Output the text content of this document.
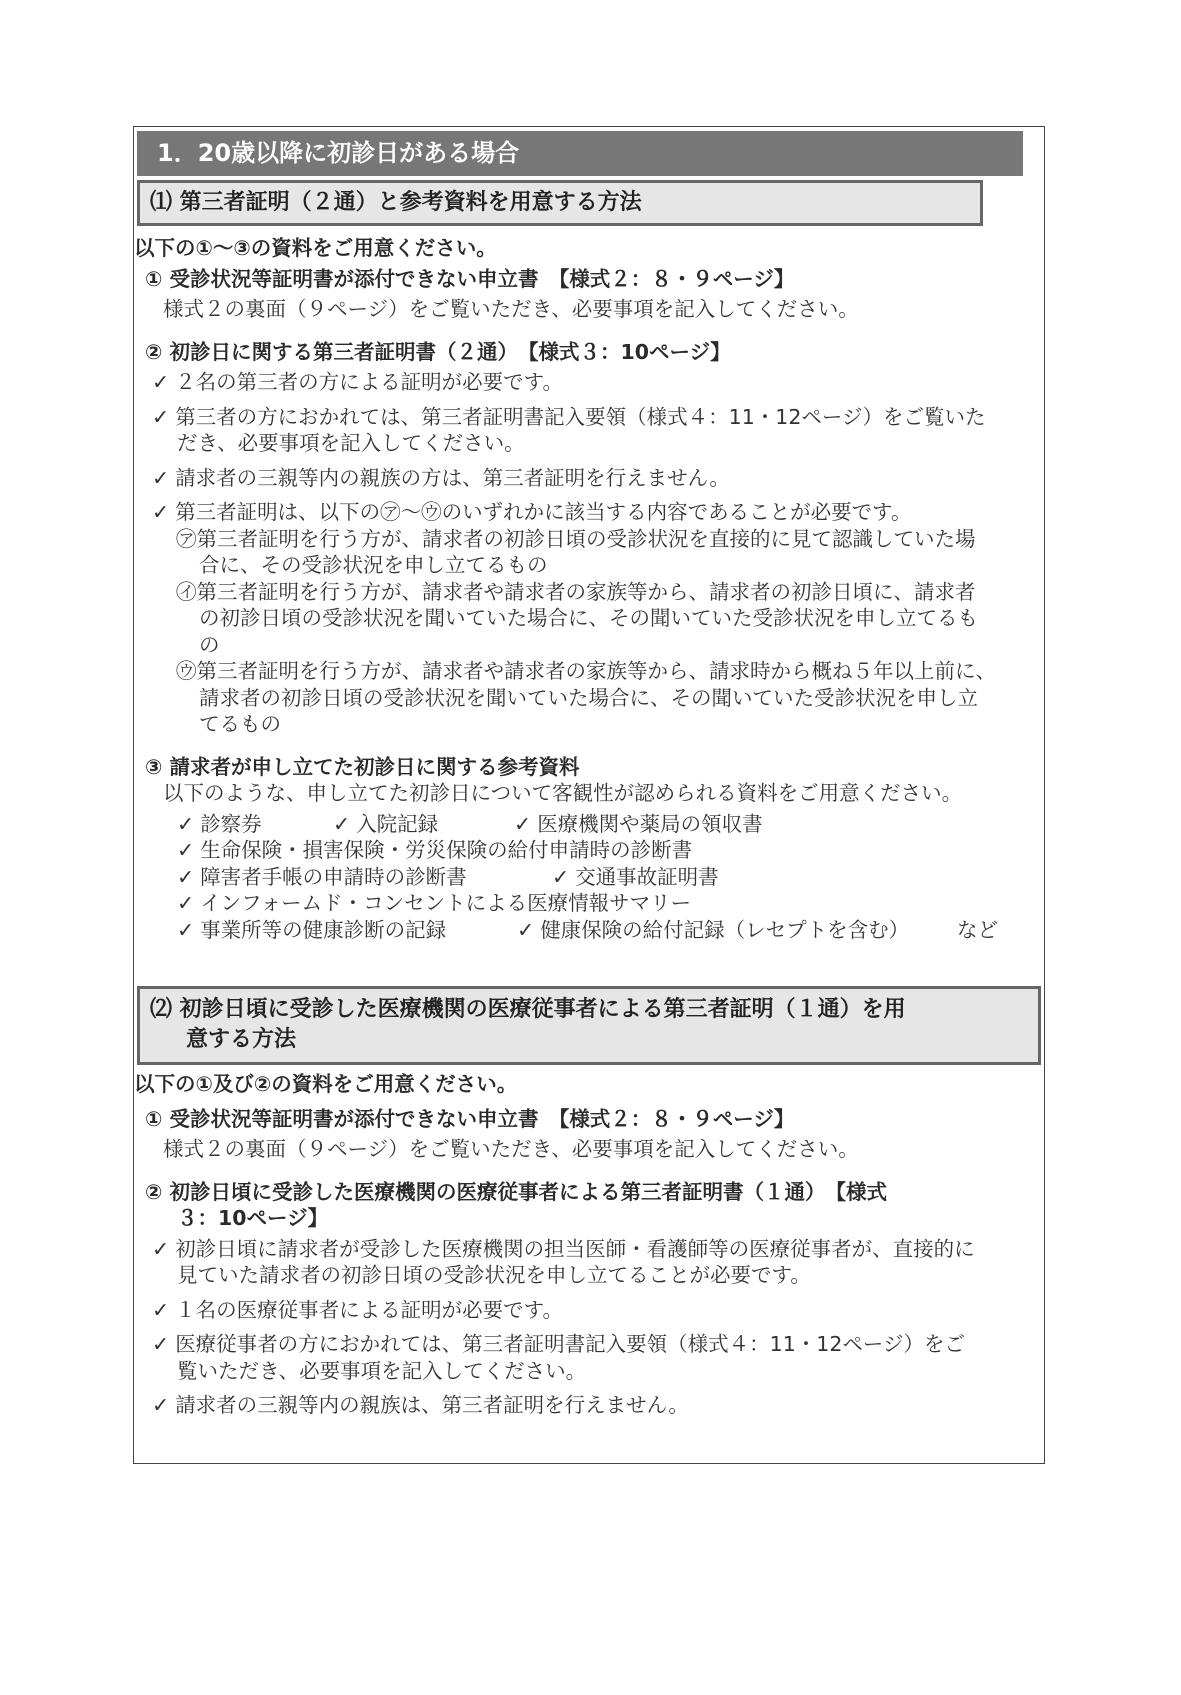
1．20歳以降に初診日がある場合
⑴ 第三者証明（２通）と参考資料を用意する方法
以下の①～③の資料をご用意ください。
① 受診状況等証明書が添付できない申立書　【様式２：８・９ページ】
様式２の裏面（９ページ）をご覧いただき、必要事項を記入してください。
② 初診日に関する第三者証明書（２通）　【様式３：10ページ】
✓ ２名の第三者の方による証明が必要です。
✓ 第三者の方におかれては、第三者証明書記入要領（様式４：11・12ページ）をご覧いた
だき、必要事項を記入してください。
✓ 請求者の三親等内の親族の方は、第三者証明を行えません。
✓ 第三者証明は、以下の㋐～㋒のいずれかに該当する内容であることが必要です。
㋐第三者証明を行う方が、請求者の初診日頃の受診状況を直接的に見て認識していた場
合に、その受診状況を申し立てるもの
㋑第三者証明を行う方が、請求者や請求者の家族等から、請求者の初診日頃に、請求者
の初診日頃の受診状況を聞いていた場合に、その聞いていた受診状況を申し立てるも
の
㋒第三者証明を行う方が、請求者や請求者の家族等から、請求時から概ね５年以上前に、
請求者の初診日頃の受診状況を聞いていた場合に、その聞いていた受診状況を申し立
てるもの
③ 請求者が申し立てた初診日に関する参考資料
以下のような、申し立てた初診日について客観性が認められる資料をご用意ください。
✓ 診察券	✓ 入院記録	✓ 医療機関や薬局の領収書
✓ 生命保険・損害保険・労災保険の給付申請時の診断書
✓ 障害者手帳の申請時の診断書	✓ 交通事故証明書
✓ インフォームド・コンセントによる医療情報サマリー
✓ 事業所等の健康診断の記録	✓ 健康保険の給付記録（レセプトを含む） など
⑵ 初診日頃に受診した医療機関の医療従事者による第三者証明（１通）を用
意する方法
以下の①及び②の資料をご用意ください。
① 受診状況等証明書が添付できない申立書　【様式２：８・９ページ】
様式２の裏面（９ページ）をご覧いただき、必要事項を記入してください。
② 初診日頃に受診した医療機関の医療従事者による第三者証明書（１通）　【様式
３：10ページ】
✓ 初診日頃に請求者が受診した医療機関の担当医師・看護師等の医療従事者が、直接的に
見ていた請求者の初診日頃の受診状況を申し立てることが必要です。
✓ １名の医療従事者による証明が必要です。
✓ 医療従事者の方におかれては、第三者証明書記入要領（様式４：11・12ページ）をご
覧いただき、必要事項を記入してください。
✓ 請求者の三親等内の親族は、第三者証明を行えません。
